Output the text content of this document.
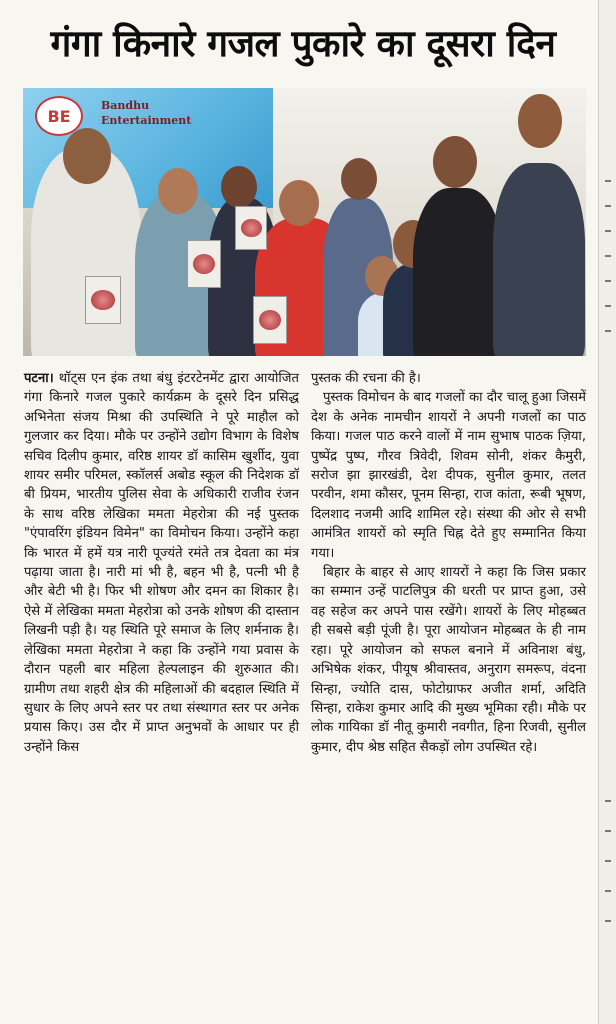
गंगा किनारे गजल पुकारे का दूसरा दिन
BE
Bandhu
Entertainment

पटना। थॉट्स एन इंक तथा बंधु इंटरटेनमेंट द्वारा आयोजित गंगा किनारे गजल पुकारे कार्यक्रम के दूसरे दिन प्रसिद्ध अभिनेता संजय मिश्रा की उपस्थिति ने पूरे माहौल को गुलजार कर दिया। मौके पर उन्होंने उद्योग विभाग के विशेष सचिव दिलीप कुमार, वरिष्ठ शायर डॉ कासिम खुर्शीद, युवा शायर समीर परिमल, स्कॉलर्स अबोड स्कूल की निदेशक डॉ बी प्रियम, भारतीय पुलिस सेवा के अधिकारी राजीव रंजन के साथ वरिष्ठ लेखिका ममता मेहरोत्रा की नई पुस्तक "एंपावरिंग इंडियन विमेन" का विमोचन किया। उन्होंने कहा कि भारत में हमें यत्र नारी पूज्यंते रमंते तत्र देवता का मंत्र पढ़ाया जाता है। नारी मां भी है, बहन भी है, पत्नी भी है और बेटी भी है। फिर भी शोषण और दमन का शिकार है। ऐसे में लेखिका ममता मेहरोत्रा को उनके शोषण की दास्तान लिखनी पड़ी है। यह स्थिति पूरे समाज के लिए शर्मनाक है। लेखिका ममता मेहरोत्रा ने कहा कि उन्होंने गया प्रवास के दौरान पहली बार महिला हेल्पलाइन की शुरुआत की। ग्रामीण तथा शहरी क्षेत्र की महिलाओं की बदहाल स्थिति में सुधार के लिए अपने स्तर पर तथा संस्थागत स्तर पर अनेक प्रयास किए। उस दौर में प्राप्त अनुभवों के आधार पर ही उन्होंने किस

पुस्तक की रचना की है।

पुस्तक विमोचन के बाद गजलों का दौर चालू हुआ जिसमें देश के अनेक नामचीन शायरों ने अपनी गजलों का पाठ किया। गजल पाठ करने वालों में नाम सुभाष पाठक ज़िया, पुष्पेंद्र पुष्प, गौरव त्रिवेदी, शिवम सोनी, शंकर कैमुरी, सरोज झा झारखंडी, देश दीपक, सुनील कुमार, तलत परवीन, शमा कौसर, पूनम सिन्हा, राज कांता, रूबी भूषण, दिलशाद नजमी आदि शामिल रहे। संस्था की ओर से सभी आमंत्रित शायरों को स्मृति चिह्न देते हुए सम्मानित किया गया।

बिहार के बाहर से आए शायरों ने कहा कि जिस प्रकार का सम्मान उन्हें पाटलिपुत्र की धरती पर प्राप्त हुआ, उसे वह सहेज कर अपने पास रखेंगे। शायरों के लिए मोहब्बत ही सबसे बड़ी पूंजी है। पूरा आयोजन मोहब्बत के ही नाम रहा। पूरे आयोजन को सफल बनाने में अविनाश बंधु, अभिषेक शंकर, पीयूष श्रीवास्तव, अनुराग समरूप, वंदना सिन्हा, ज्योति दास, फोटोग्राफर अजीत शर्मा, अदिति सिन्हा, राकेश कुमार आदि की मुख्य भूमिका रही। मौके पर लोक गायिका डॉ नीतू कुमारी नवगीत, हिना रिजवी, सुनील कुमार, दीप श्रेष्ठ सहित सैकड़ों लोग उपस्थित रहे।
